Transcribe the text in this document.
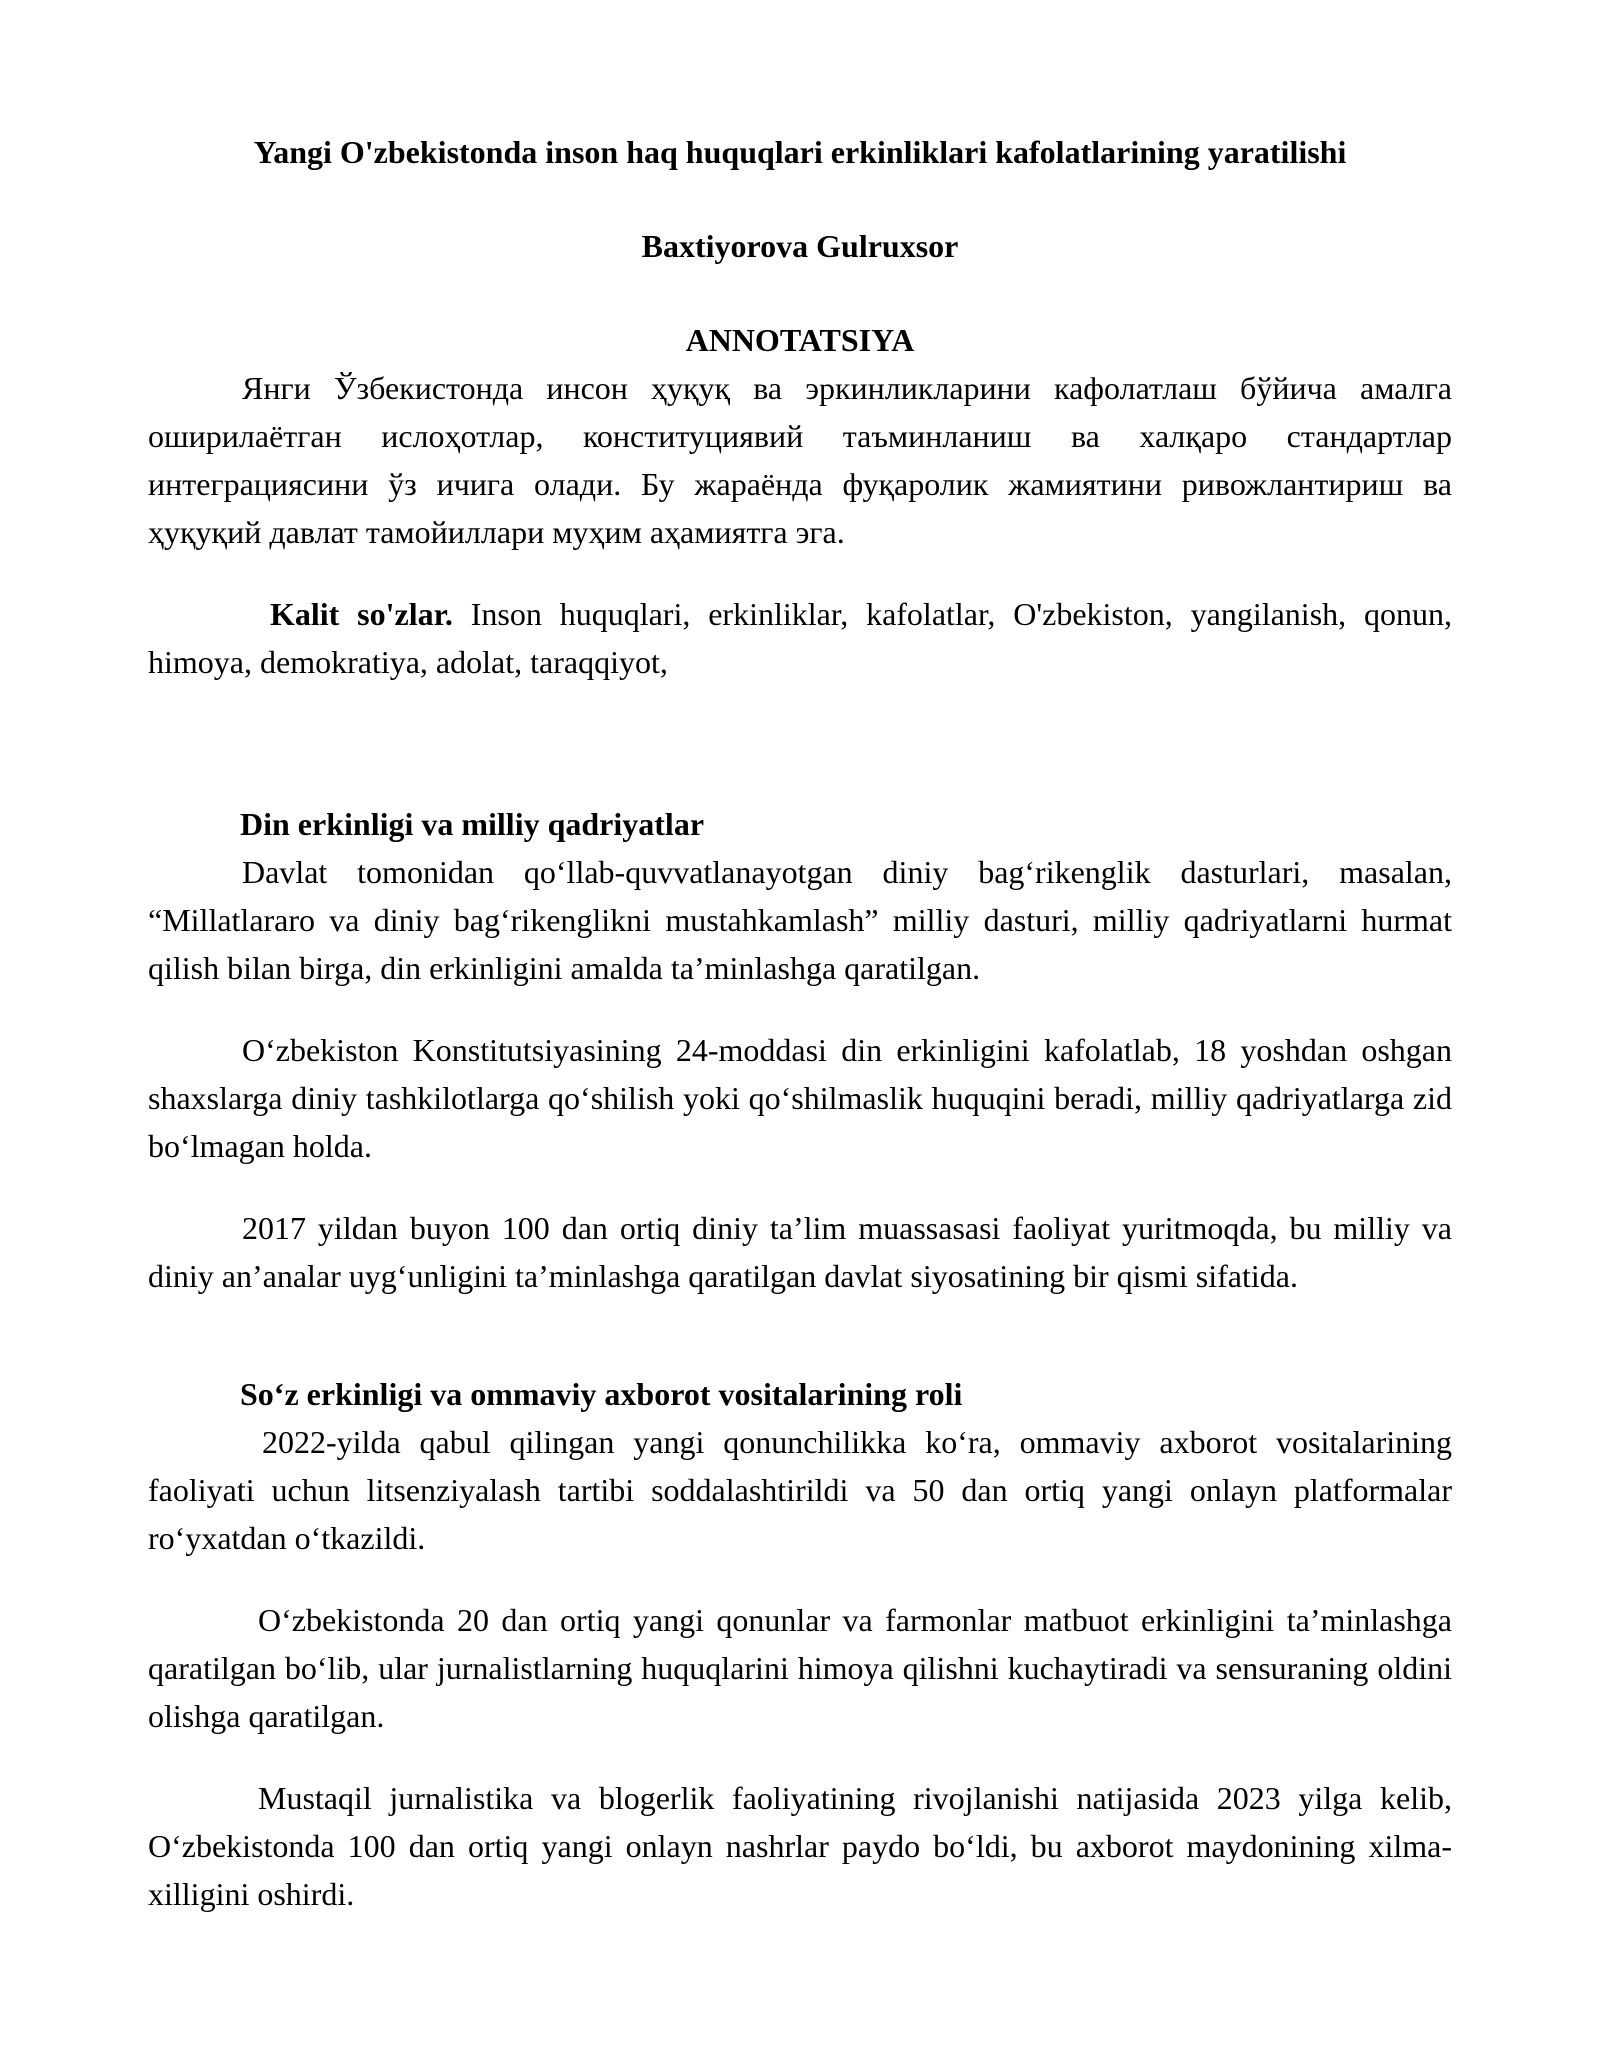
Yangi O'zbekistonda inson haq huquqlari erkinliklari kafolatlarining yaratilishi

Baxtiyorova Gulruxsor

ANNOTATSIYA

Янги Ўзбекистонда инсон ҳуқуқ ва эркинликларини кафолатлаш бўйича амалга оширилаётган ислоҳотлар, конституциявий таъминланиш ва халқаро стандартлар интеграциясини ўз ичига олади. Бу жараёнда фуқаролик жамиятини ривожлантириш ва ҳуқуқий давлат тамойиллари муҳим аҳамиятга эга.

Kalit so'zlar. Inson huquqlari, erkinliklar, kafolatlar, O'zbekiston, yangilanish, qonun, himoya, demokratiya, adolat, taraqqiyot,

Din erkinligi va milliy qadriyatlar

Davlat tomonidan qo‘llab-quvvatlanayotgan diniy bag‘rikenglik dasturlari, masalan, “Millatlararo va diniy bag‘rikenglikni mustahkamlash” milliy dasturi, milliy qadriyatlarni hurmat qilish bilan birga, din erkinligini amalda ta’minlashga qaratilgan.

O‘zbekiston Konstitutsiyasining 24-moddasi din erkinligini kafolatlab, 18 yoshdan oshgan shaxslarga diniy tashkilotlarga qo‘shilish yoki qo‘shilmaslik huquqini beradi, milliy qadriyatlarga zid bo‘lmagan holda.

2017 yildan buyon 100 dan ortiq diniy ta’lim muassasasi faoliyat yuritmoqda, bu milliy va diniy an’analar uyg‘unligini ta’minlashga qaratilgan davlat siyosatining bir qismi sifatida.

So‘z erkinligi va ommaviy axborot vositalarining roli

2022-yilda qabul qilingan yangi qonunchilikka ko‘ra, ommaviy axborot vositalarining faoliyati uchun litsenziyalash tartibi soddalashtirildi va 50 dan ortiq yangi onlayn platformalar ro‘yxatdan o‘tkazildi.

O‘zbekistonda 20 dan ortiq yangi qonunlar va farmonlar matbuot erkinligini ta’minlashga qaratilgan bo‘lib, ular jurnalistlarning huquqlarini himoya qilishni kuchaytiradi va sensuraning oldini olishga qaratilgan.

Mustaqil jurnalistika va blogerlik faoliyatining rivojlanishi natijasida 2023 yilga kelib, O‘zbekistonda 100 dan ortiq yangi onlayn nashrlar paydo bo‘ldi, bu axborot maydonining xilma-xilligini oshirdi.
